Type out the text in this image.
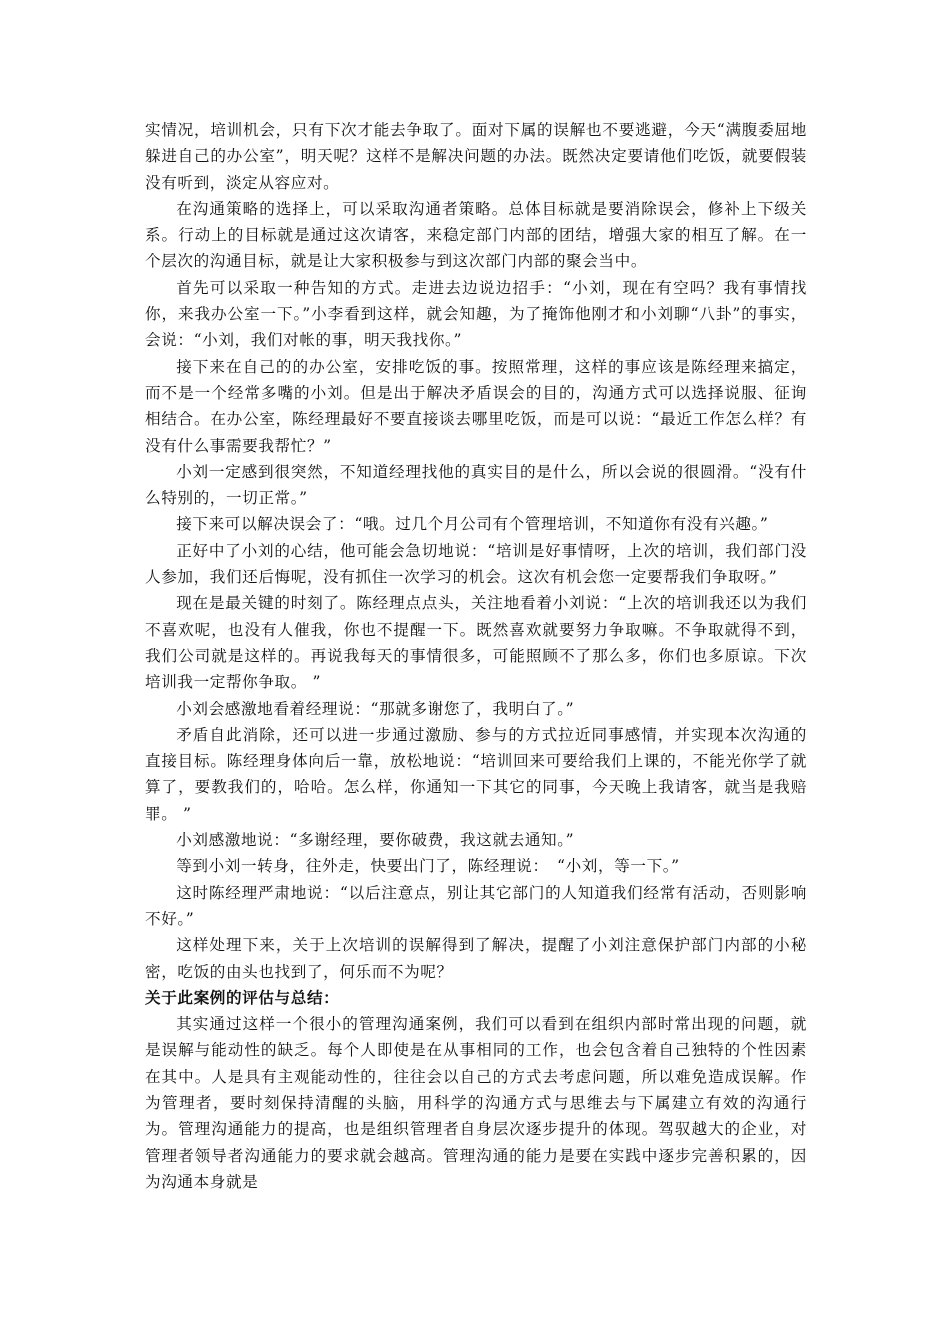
实情况，培训机会，只有下次才能去争取了。面对下属的误解也不要逃避，今天“满腹委屈地躲进自己的办公室”，明天呢？这样不是解决问题的办法。既然决定要请他们吃饭，就要假装没有听到，淡定从容应对。

在沟通策略的选择上，可以采取沟通者策略。总体目标就是要消除误会，修补上下级关系。行动上的目标就是通过这次请客，来稳定部门内部的团结，增强大家的相互了解。在一个层次的沟通目标，就是让大家积极参与到这次部门内部的聚会当中。

首先可以采取一种告知的方式。走进去边说边招手：“小刘，现在有空吗？我有事情找你，来我办公室一下。”小李看到这样，就会知趣，为了掩饰他刚才和小刘聊“八卦”的事实，会说：“小刘，我们对帐的事，明天我找你。”

接下来在自己的的办公室，安排吃饭的事。按照常理，这样的事应该是陈经理来搞定，而不是一个经常多嘴的小刘。但是出于解决矛盾误会的目的，沟通方式可以选择说服、征询相结合。在办公室，陈经理最好不要直接谈去哪里吃饭，而是可以说：“最近工作怎么样？有没有什么事需要我帮忙？”

小刘一定感到很突然，不知道经理找他的真实目的是什么，所以会说的很圆滑。“没有什么特别的，一切正常。”

接下来可以解决误会了：“哦。过几个月公司有个管理培训，不知道你有没有兴趣。”

正好中了小刘的心结，他可能会急切地说：“培训是好事情呀，上次的培训，我们部门没人参加，我们还后悔呢，没有抓住一次学习的机会。这次有机会您一定要帮我们争取呀。”

现在是最关键的时刻了。陈经理点点头，关注地看着小刘说：“上次的培训我还以为我们不喜欢呢，也没有人催我，你也不提醒一下。既然喜欢就要努力争取嘛。不争取就得不到，我们公司就是这样的。再说我每天的事情很多，可能照顾不了那么多，你们也多原谅。下次培训我一定帮你争取。 ”

小刘会感激地看着经理说：“那就多谢您了，我明白了。”

矛盾自此消除，还可以进一步通过激励、参与的方式拉近同事感情，并实现本次沟通的直接目标。陈经理身体向后一靠，放松地说：“培训回来可要给我们上课的，不能光你学了就算了，要教我们的，哈哈。怎么样，你通知一下其它的同事，今天晚上我请客，就当是我赔罪。 ”

小刘感激地说：“多谢经理，要你破费，我这就去通知。”

等到小刘一转身，往外走，快要出门了，陈经理说：　“小刘，等一下。”

这时陈经理严肃地说：“以后注意点，别让其它部门的人知道我们经常有活动，否则影响不好。”

这样处理下来，关于上次培训的误解得到了解决，提醒了小刘注意保护部门内部的小秘密，吃饭的由头也找到了，何乐而不为呢？

关于此案例的评估与总结：

其实通过这样一个很小的管理沟通案例，我们可以看到在组织内部时常出现的问题，就是误解与能动性的缺乏。每个人即使是在从事相同的工作，也会包含着自己独特的个性因素在其中。人是具有主观能动性的，往往会以自己的方式去考虑问题，所以难免造成误解。作为管理者，要时刻保持清醒的头脑，用科学的沟通方式与思维去与下属建立有效的沟通行为。管理沟通能力的提高，也是组织管理者自身层次逐步提升的体现。驾驭越大的企业，对管理者领导者沟通能力的要求就会越高。管理沟通的能力是要在实践中逐步完善积累的，因为沟通本身就是
